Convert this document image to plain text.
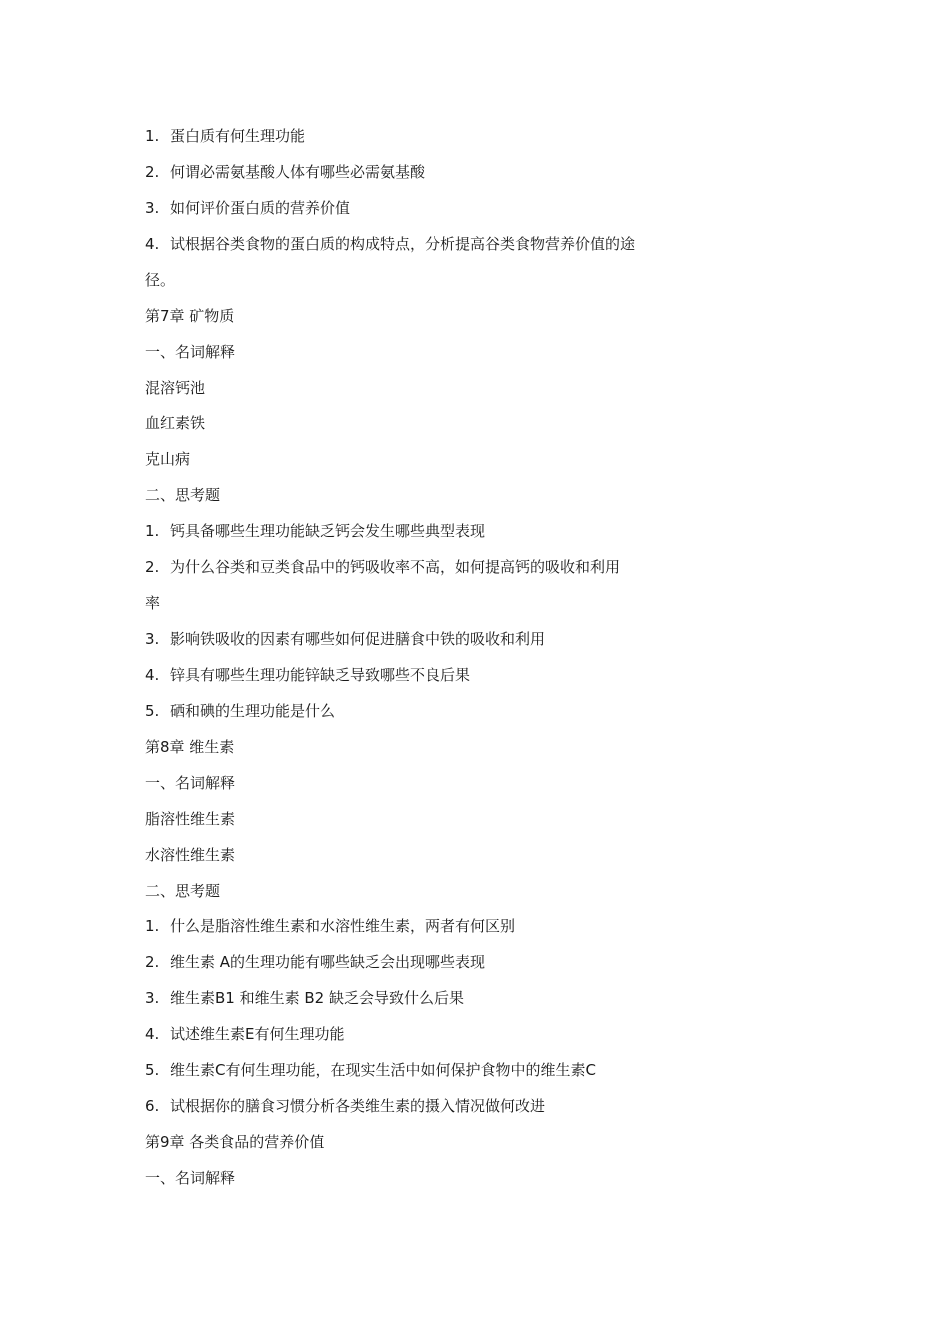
1 . 蛋白质有何生理功能
2 . 何谓必需氨基酸人体有哪些必需氨基酸
3 . 如何评价蛋白质的营养价值
4 . 试根据谷类食物的蛋白质的构成特点，分析提高谷类食物营养价值的途
径。
第7章 矿物质
一、名词解释
混溶钙池
血红素铁
克山病
二、思考题
1 . 钙具备哪些生理功能缺乏钙会发生哪些典型表现
2 . 为什么谷类和豆类食品中的钙吸收率不高，如何提高钙的吸收和利用
率
3 . 影响铁吸收的因素有哪些如何促进膳食中铁的吸收和利用
4 . 锌具有哪些生理功能锌缺乏导致哪些不良后果
5 . 硒和碘的生理功能是什么
第8章 维生素
一、名词解释
脂溶性维生素
水溶性维生素
二、思考题
1 . 什么是脂溶性维生素和水溶性维生素，两者有何区别
2 . 维生素 A的生理功能有哪些缺乏会出现哪些表现
3 . 维生素B1 和维生素 B2 缺乏会导致什么后果
4 . 试述维生素E有何生理功能
5 . 维生素C有何生理功能，在现实生活中如何保护食物中的维生素C
6 . 试根据你的膳食习惯分析各类维生素的摄入情况做何改进
第9章 各类食品的营养价值
一、名词解释
